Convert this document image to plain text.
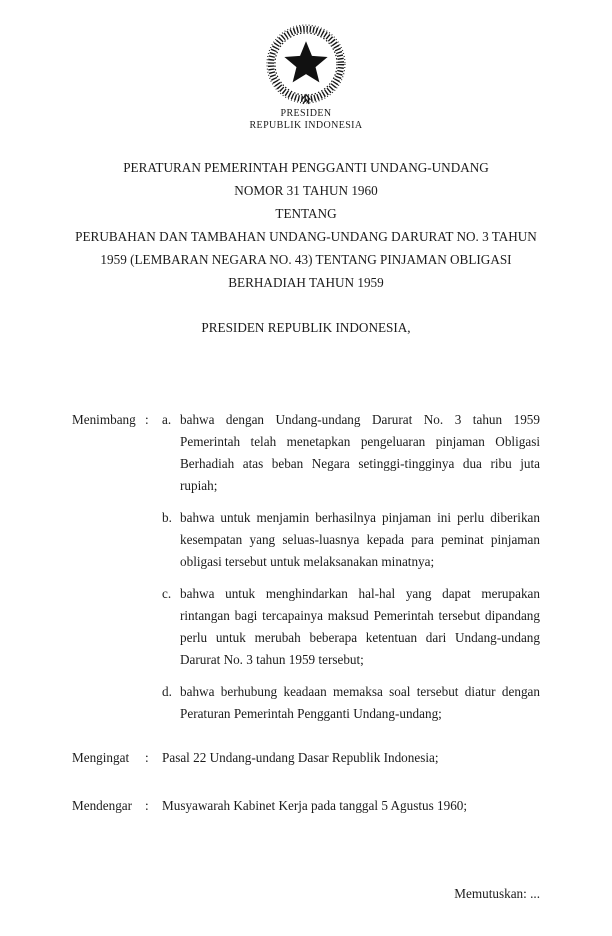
PRESIDEN
REPUBLIK INDONESIA
PERATURAN PEMERINTAH PENGGANTI UNDANG-UNDANG
NOMOR 31 TAHUN 1960
TENTANG
PERUBAHAN DAN TAMBAHAN UNDANG-UNDANG DARURAT NO. 3 TAHUN
1959 (LEMBARAN NEGARA NO. 43) TENTANG PINJAMAN OBLIGASI
BERHADIAH TAHUN 1959
PRESIDEN REPUBLIK INDONESIA,
Menimbang :	a. bahwa dengan Undang-undang Darurat No. 3 tahun 1959 Pemerintah telah menetapkan pengeluaran pinjaman Obligasi Berhadiah atas beban Negara setinggi-tingginya dua ribu juta rupiah;

b. bahwa untuk menjamin berhasilnya pinjaman ini perlu diberikan kesempatan yang seluas-luasnya kepada para peminat pinjaman obligasi tersebut untuk melaksanakan minatnya;

c. bahwa untuk menghindarkan hal-hal yang dapat merupakan rintangan bagi tercapainya maksud Pemerintah tersebut dipandang perlu untuk merubah beberapa ketentuan dari Undang-undang Darurat No. 3 tahun 1959 tersebut;

d. bahwa berhubung keadaan memaksa soal tersebut diatur dengan Peraturan Pemerintah Pengganti Undang-undang;

Mengingat	:	Pasal 22 Undang-undang Dasar Republik Indonesia;

Mendengar :	Musyawarah Kabinet Kerja pada tanggal 5 Agustus 1960;

Memutuskan: ...
